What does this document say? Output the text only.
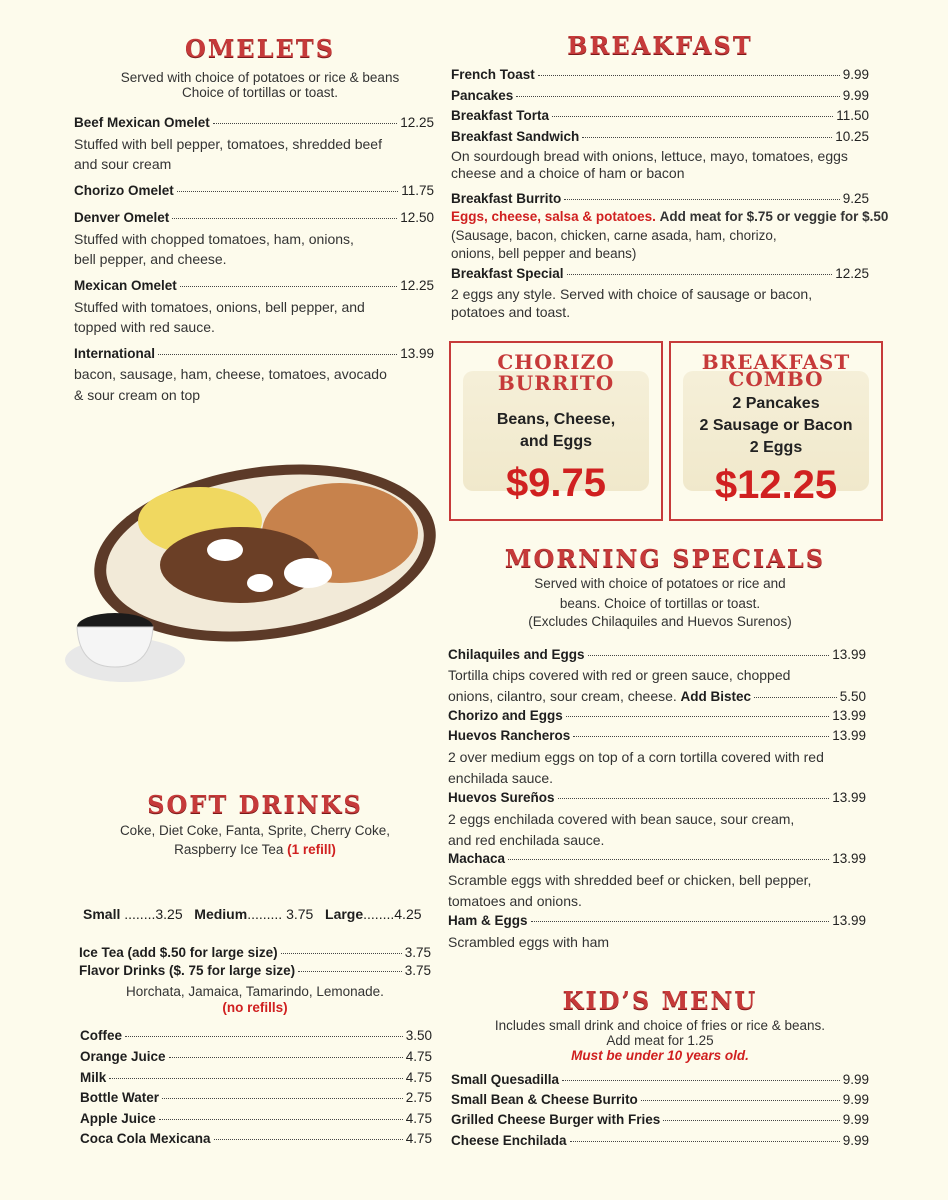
OMELETS
Served with choice of potatoes or rice & beans
Choice of tortillas or toast.
Beef Mexican Omelet	12.25
Stuffed with bell pepper, tomatoes, shredded beef
and sour cream
Chorizo Omelet	11.75
Denver Omelet	12.50
Stuffed with chopped tomatoes, ham, onions,
bell pepper, and cheese.
Mexican Omelet	12.25
Stuffed with tomatoes, onions, bell pepper, and
topped with red sauce.
International	13.99
bacon, sausage, ham, cheese, tomatoes, avocado
& sour cream on top
BREAKFAST
French Toast	9.99
Pancakes	9.99
Breakfast Torta	11.50
Breakfast Sandwich	10.25
On sourdough bread with onions, lettuce, mayo, tomatoes, eggs
cheese and a choice of ham or bacon
Breakfast Burrito	9.25
Eggs, cheese, salsa & potatoes. Add meat for $.75 or veggie for $.50
(Sausage, bacon, chicken, carne asada, ham, chorizo,
onions, bell pepper and beans)
Breakfast Special	12.25
2 eggs any style. Served with choice of sausage or bacon,
potatoes and toast.
CHORIZO
BURRITO
Beans, Cheese,
and Eggs
$9.75
BREAKFAST
COMBO
2 Pancakes
2 Sausage or Bacon
2 Eggs
$12.25
MORNING SPECIALS
Served with choice of potatoes or rice and
beans. Choice of tortillas or toast.
(Excludes Chilaquiles and Huevos Surenos)
Chilaquiles and Eggs	13.99
Tortilla chips covered with red or green sauce, chopped
onions, cilantro, sour cream, cheese.
Add Bistec	5.50
Chorizo and Eggs	13.99
Huevos Rancheros	13.99
2 over medium eggs on top of a corn tortilla covered with red
enchilada sauce.
Huevos Sureños	13.99
2 eggs enchilada covered with bean sauce, sour cream,
and red enchilada sauce.
Machaca	13.99
Scramble eggs with shredded beef or chicken, bell pepper,
tomatoes and onions.
Ham & Eggs	13.99
Scrambled eggs with ham
SOFT DRINKS
Coke, Diet Coke, Fanta, Sprite, Cherry Coke,
Raspberry Ice Tea (1 refill)
Small ........3.25 Medium......... 3.75 Large........4.25
Ice Tea (add $.50 for large size)	3.75
Flavor Drinks ($. 75 for large size)	3.75
Horchata, Jamaica, Tamarindo, Lemonade.
(no refills)
Coffee	3.50
Orange Juice	4.75
Milk	4.75
Bottle Water	2.75
Apple Juice	4.75
Coca Cola Mexicana	4.75
KID’S MENU
Includes small drink and choice of fries or rice & beans.
Add meat for 1.25
Must be under 10 years old.
Small Quesadilla	9.99
Small Bean & Cheese Burrito	9.99
Grilled Cheese Burger with Fries	9.99
Cheese Enchilada	9.99
